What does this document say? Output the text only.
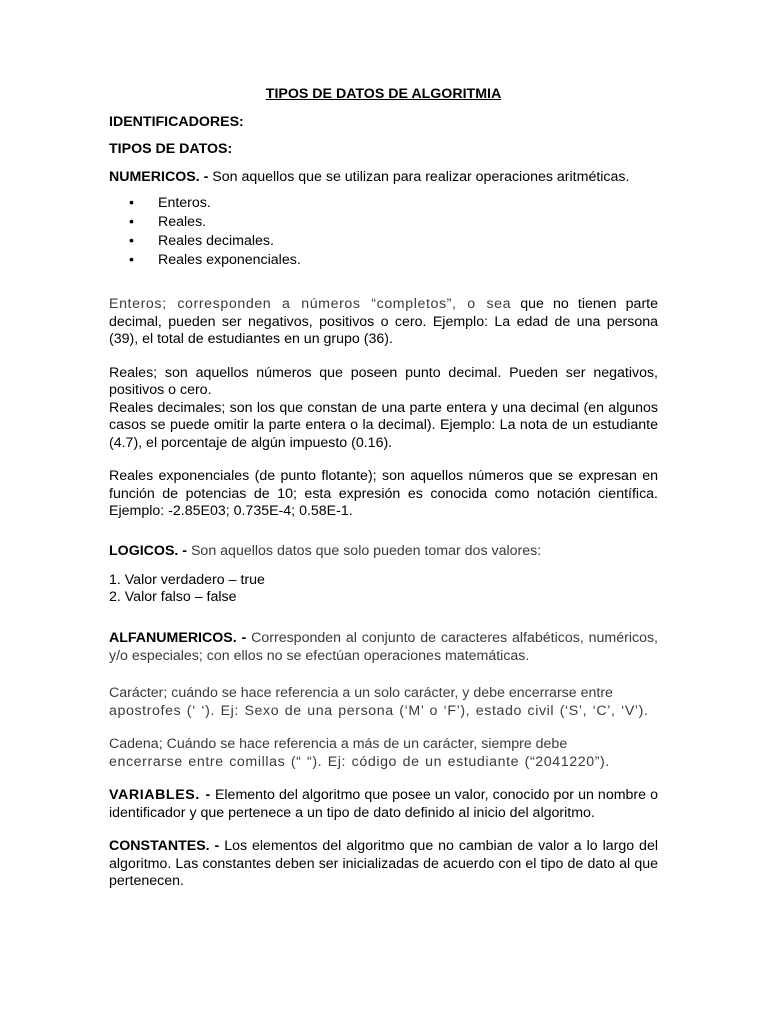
TIPOS DE DATOS DE ALGORITMIA

IDENTIFICADORES:

TIPOS DE DATOS:

NUMERICOS. - Son aquellos que se utilizan para realizar operaciones aritméticas.

• Enteros.
• Reales.
• Reales decimales.
• Reales exponenciales.

Enteros; corresponden a números “completos”, o sea que no tienen parte decimal, pueden ser negativos, positivos o cero. Ejemplo: La edad de una persona (39), el total de estudiantes en un grupo (36).

Reales; son aquellos números que poseen punto decimal. Pueden ser negativos, positivos o cero.

Reales decimales; son los que constan de una parte entera y una decimal (en algunos casos se puede omitir la parte entera o la decimal). Ejemplo: La nota de un estudiante (4.7), el porcentaje de algún impuesto (0.16).

Reales exponenciales (de punto flotante); son aquellos números que se expresan en función de potencias de 10; esta expresión es conocida como notación científica. Ejemplo: -2.85E03; 0.735E-4; 0.58E-1.

LOGICOS. - Son aquellos datos que solo pueden tomar dos valores:

1. Valor verdadero – true

2. Valor falso – false

ALFANUMERICOS. - Corresponden al conjunto de caracteres alfabéticos, numéricos, y/o especiales; con ellos no se efectúan operaciones matemáticas.

Carácter; cuándo se hace referencia a un solo carácter, y debe encerrarse entre

apostrofes (‘ ‘). Ej: Sexo de una persona (‘M’ o ‘F’), estado civil (‘S’, ‘C’, ‘V’).

Cadena; Cuándo se hace referencia a más de un carácter, siempre debe

encerrarse entre comillas (“ “). Ej: código de un estudiante (“2041220”).

VARIABLES. - Elemento del algoritmo que posee un valor, conocido por un nombre o identificador y que pertenece a un tipo de dato definido al inicio del algoritmo.

CONSTANTES. - Los elementos del algoritmo que no cambian de valor a lo largo del algoritmo. Las constantes deben ser inicializadas de acuerdo con el tipo de dato al que pertenecen.
